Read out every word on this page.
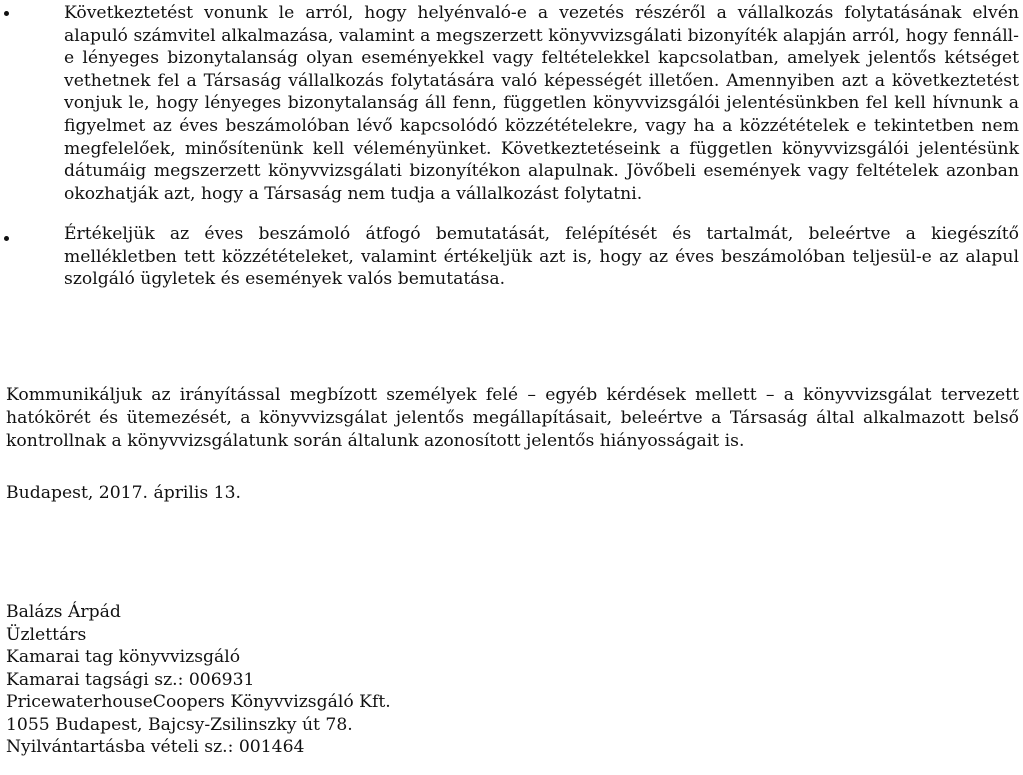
Következtetést vonunk le arról, hogy helyénvaló-e a vezetés részéről a vállalkozás folytatásának elvén alapuló számvitel alkalmazása, valamint a megszerzett könyvvizsgálati bizonyíték alapján arról, hogy fennáll-e lényeges bizonytalanság olyan eseményekkel vagy feltételekkel kapcsolatban, amelyek jelentős kétséget vethetnek fel a Társaság vállalkozás folytatására való képességét illetően. Amennyiben azt a következtetést vonjuk le, hogy lényeges bizonytalanság áll fenn, független könyvvizsgálói jelentésünkben fel kell hívnunk a figyelmet az éves beszámolóban lévő kapcsolódó közzétételekre, vagy ha a közzétételek e tekintetben nem megfelelőek, minősítenünk kell véleményünket. Következtetéseink a független könyvvizsgálói jelentésünk dátumáig megszerzett könyvvizsgálati bizonyítékon alapulnak. Jövőbeli események vagy feltételek azonban okozhatják azt, hogy a Társaság nem tudja a vállalkozást folytatni.

Értékeljük az éves beszámoló átfogó bemutatását, felépítését és tartalmát, beleértve a kiegészítő mellékletben tett közzétételeket, valamint értékeljük azt is, hogy az éves beszámolóban teljesül-e az alapul szolgáló ügyletek és események valós bemutatása.

Kommunikáljuk az irányítással megbízott személyek felé – egyéb kérdések mellett – a könyvvizsgálat tervezett hatókörét és ütemezését, a könyvvizsgálat jelentős megállapításait, beleértve a Társaság által alkalmazott belső kontrollnak a könyvvizsgálatunk során általunk azonosított jelentős hiányosságait is.

Budapest, 2017. április 13.

Balázs Árpád
Üzlettárs
Kamarai tag könyvvizsgáló
Kamarai tagsági sz.: 006931
PricewaterhouseCoopers Könyvvizsgáló Kft.
1055 Budapest, Bajcsy-Zsilinszky út 78.
Nyilvántartásba vételi sz.: 001464
